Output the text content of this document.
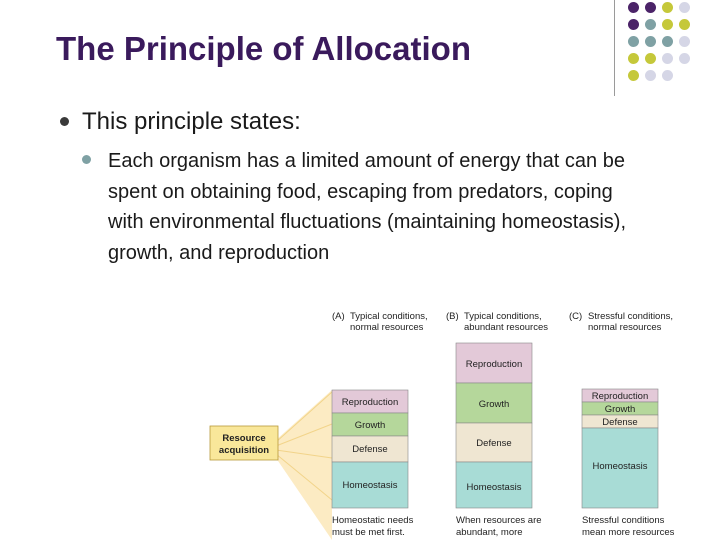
The Principle of Allocation
This principle states:
Each organism has a limited amount of energy that can be spent on obtaining food, escaping from predators, coping with environmental fluctuations (maintaining homeostasis), growth, and reproduction
Resource
acquisition
(A) Typical conditions,
normal resources
Reproduction
Growth
Defense
Homeostasis
Homeostatic needs
must be met first.
(B) Typical conditions,
abundant resources
Reproduction
Growth
Defense
Homeostasis
When resources are
abundant, more
(C) Stressful conditions,
normal resources
Reproduction
Growth
Defense
Homeostasis
Stressful conditions
mean more resources
